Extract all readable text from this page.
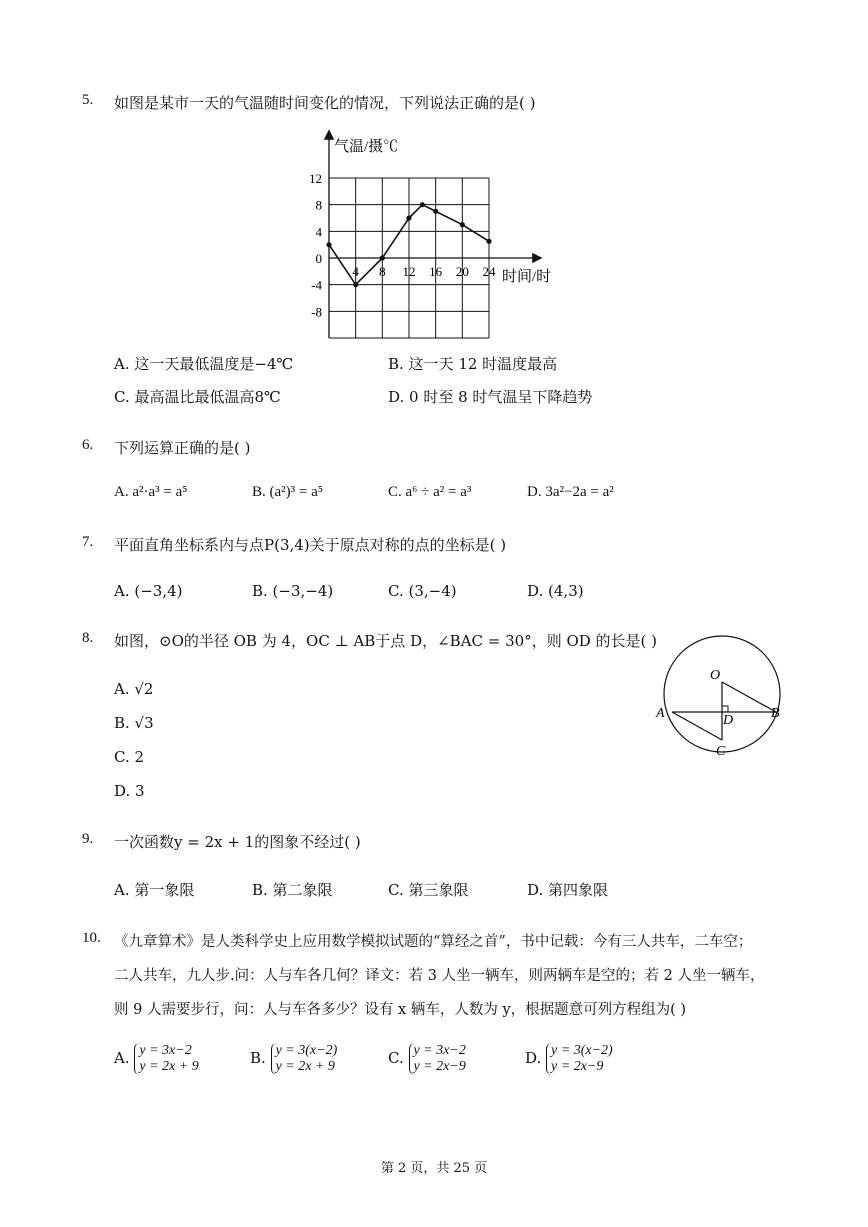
5. 如图是某市一天的气温随时间变化的情况，下列说法正确的是( )
气温/摄℃
时间/时
12
8
4
0
-4
-8
4 8 12 16 20 24
A. 这一天最低温度是−4℃	B. 这一天 12 时温度最高
C. 最高温比最低温高8℃	D. 0 时至 8 时气温呈下降趋势
6. 下列运算正确的是( )
A. a²·a³ = a⁵	B. (a²)³ = a⁵	C. a⁶ ÷ a² = a³	D. 3a²−2a = a²
7. 平面直角坐标系内与点P(3,4)关于原点对称的点的坐标是( )
A. (−3,4)	B. (−3,−4)	C. (3,−4)	D. (4,3)
8. 如图，⊙O的半径 OB 为 4，OC ⊥ AB于点 D，∠BAC = 30°，则 OD 的长是( )
A. √2
B. √3
C. 2
D. 3
O
A	B
D
C
9. 一次函数y = 2x + 1的图象不经过( )
A. 第一象限	B. 第二象限	C. 第三象限	D. 第四象限
10. 《九章算术》是人类科学史上应用数学模拟试题的“算经之首”，书中记载：今有三人共车，二车空；
二人共车，九人步.问：人与车各几何？译文：若 3 人坐一辆车，则两辆车是空的；若 2 人坐一辆车，
则 9 人需要步行，问：人与车各多少？设有 x 辆车，人数为 y，根据题意可列方程组为( )
A. y = 3x−2
y = 2x + 9	B. y = 3(x−2)
y = 2x + 9	C. y = 3x−2
y = 2x−9	D. y = 3(x−2)
y = 2x−9
第 2 页，共 25 页
